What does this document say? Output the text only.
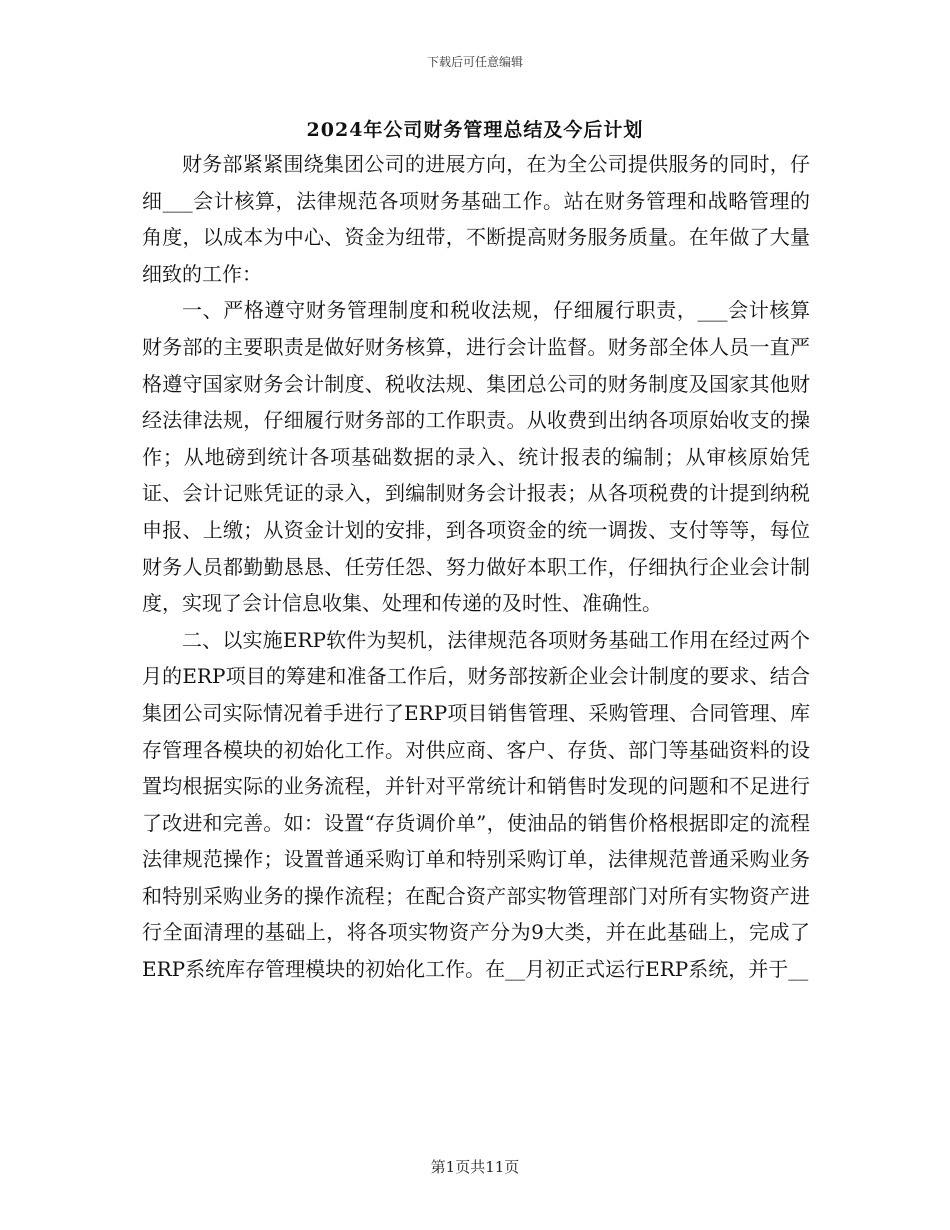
下载后可任意编辑
2024年公司财务管理总结及今后计划

财务部紧紧围绕集团公司的进展方向，在为全公司提供服务的同时，仔细___会计核算，法律规范各项财务基础工作。站在财务管理和战略管理的角度，以成本为中心、资金为纽带，不断提高财务服务质量。在年做了大量细致的工作：

一、严格遵守财务管理制度和税收法规，仔细履行职责，___会计核算财务部的主要职责是做好财务核算，进行会计监督。财务部全体人员一直严格遵守国家财务会计制度、税收法规、集团总公司的财务制度及国家其他财经法律法规，仔细履行财务部的工作职责。从收费到出纳各项原始收支的操作；从地磅到统计各项基础数据的录入、统计报表的编制；从审核原始凭证、会计记账凭证的录入，到编制财务会计报表；从各项税费的计提到纳税申报、上缴；从资金计划的安排，到各项资金的统一调拨、支付等等，每位财务人员都勤勤恳恳、任劳任怨、努力做好本职工作，仔细执行企业会计制度，实现了会计信息收集、处理和传递的及时性、准确性。

二、以实施ERP软件为契机，法律规范各项财务基础工作用在经过两个月的ERP项目的筹建和准备工作后，财务部按新企业会计制度的要求、结合集团公司实际情况着手进行了ERP项目销售管理、采购管理、合同管理、库存管理各模块的初始化工作。对供应商、客户、存货、部门等基础资料的设置均根据实际的业务流程，并针对平常统计和销售时发现的问题和不足进行了改进和完善。如：设置“存货调价单”，使油品的销售价格根据即定的流程法律规范操作；设置普通采购订单和特别采购订单，法律规范普通采购业务和特别采购业务的操作流程；在配合资产部实物管理部门对所有实物资产进行全面清理的基础上，将各项实物资产分为9大类，并在此基础上，完成了ERP系统库存管理模块的初始化工作。在__月初正式运行ERP系统，并于__

第1页共11页
